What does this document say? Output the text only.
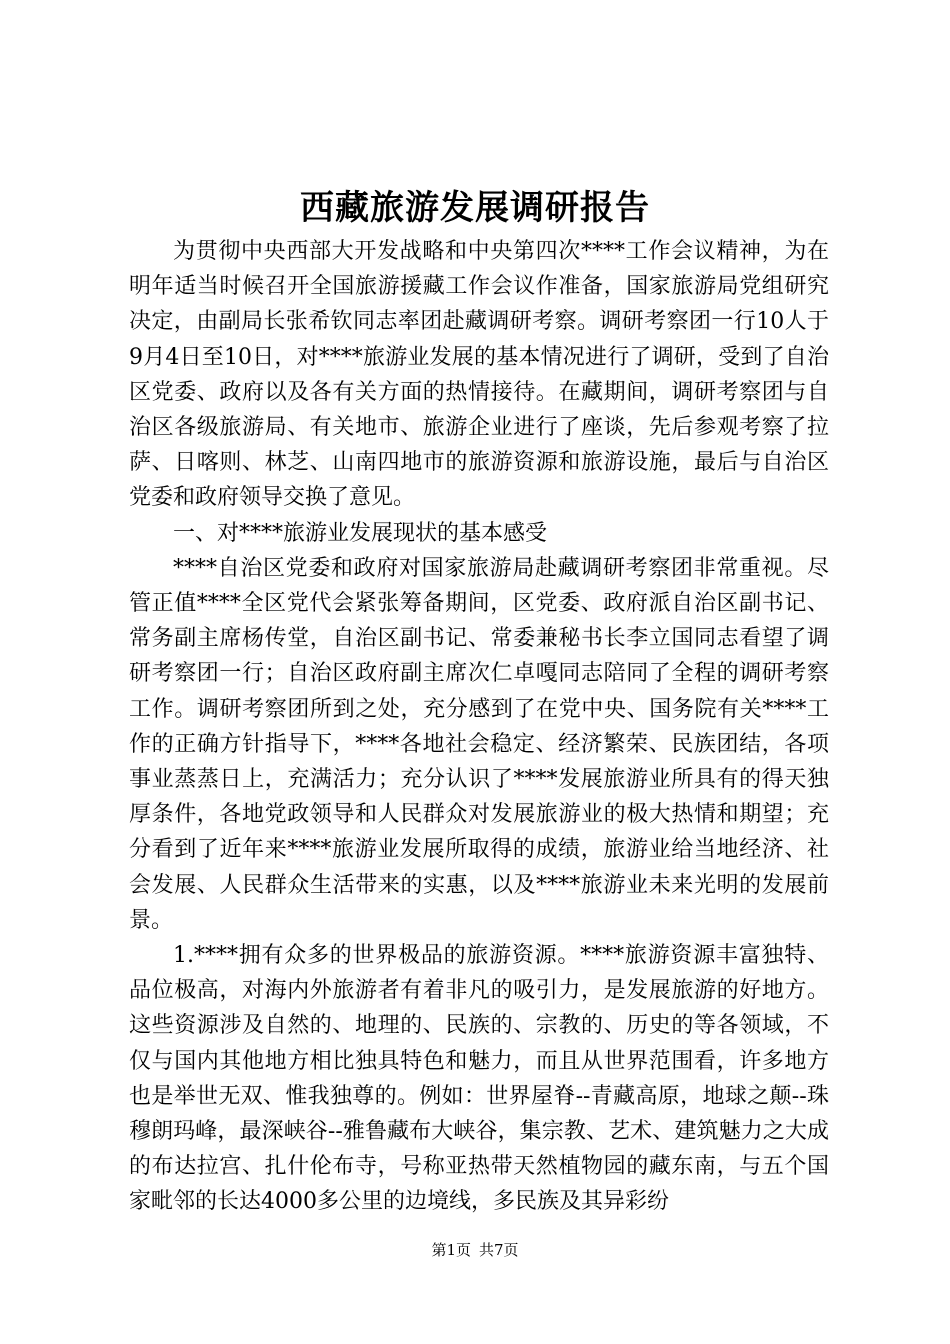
西藏旅游发展调研报告

为贯彻中央西部大开发战略和中央第四次****工作会议精神，为在明年适当时候召开全国旅游援藏工作会议作准备，国家旅游局党组研究决定，由副局长张希钦同志率团赴藏调研考察。调研考察团一行10人于9月4日至10日，对****旅游业发展的基本情况进行了调研，受到了自治区党委、政府以及各有关方面的热情接待。在藏期间，调研考察团与自治区各级旅游局、有关地市、旅游企业进行了座谈，先后参观考察了拉萨、日喀则、林芝、山南四地市的旅游资源和旅游设施，最后与自治区党委和政府领导交换了意见。

一、对****旅游业发展现状的基本感受

****自治区党委和政府对国家旅游局赴藏调研考察团非常重视。尽管正值****全区党代会紧张筹备期间，区党委、政府派自治区副书记、常务副主席杨传堂，自治区副书记、常委兼秘书长李立国同志看望了调研考察团一行；自治区政府副主席次仁卓嘎同志陪同了全程的调研考察工作。调研考察团所到之处，充分感到了在党中央、国务院有关****工作的正确方针指导下，****各地社会稳定、经济繁荣、民族团结，各项事业蒸蒸日上，充满活力；充分认识了****发展旅游业所具有的得天独厚条件，各地党政领导和人民群众对发展旅游业的极大热情和期望；充分看到了近年来****旅游业发展所取得的成绩，旅游业给当地经济、社会发展、人民群众生活带来的实惠，以及****旅游业未来光明的发展前景。

1.****拥有众多的世界极品的旅游资源。****旅游资源丰富独特、品位极高，对海内外旅游者有着非凡的吸引力，是发展旅游的好地方。这些资源涉及自然的、地理的、民族的、宗教的、历史的等各领域，不仅与国内其他地方相比独具特色和魅力，而且从世界范围看，许多地方也是举世无双、惟我独尊的。例如：世界屋脊--青藏高原，地球之颠--珠穆朗玛峰，最深峡谷--雅鲁藏布大峡谷，集宗教、艺术、建筑魅力之大成的布达拉宫、扎什伦布寺，号称亚热带天然植物园的藏东南，与五个国家毗邻的长达4000多公里的边境线，多民族及其异彩纷

第1页 共7页
